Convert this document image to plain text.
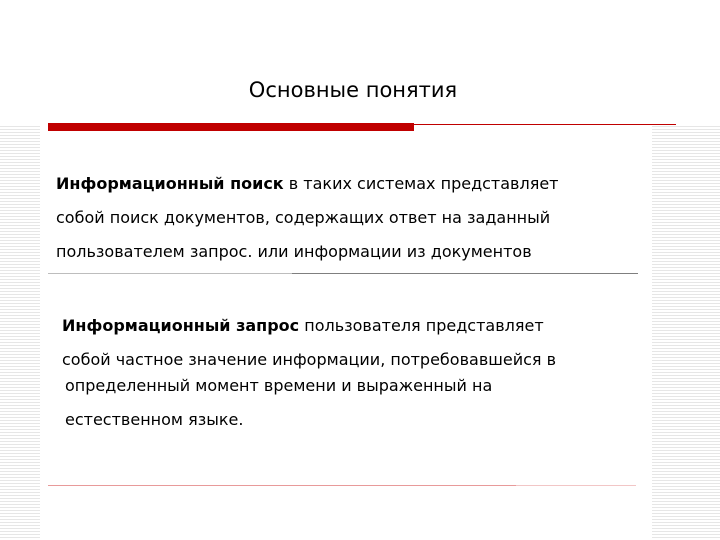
Основные понятия
Информационный поиск в таких системах представляет
собой поиск документов, содержащих ответ на заданный
пользователем запрос. или информации из документов
Информационный запрос пользователя представляет
собой частное значение информации, потребовавшейся в
определенный момент времени и выраженный на
естественном языке.
